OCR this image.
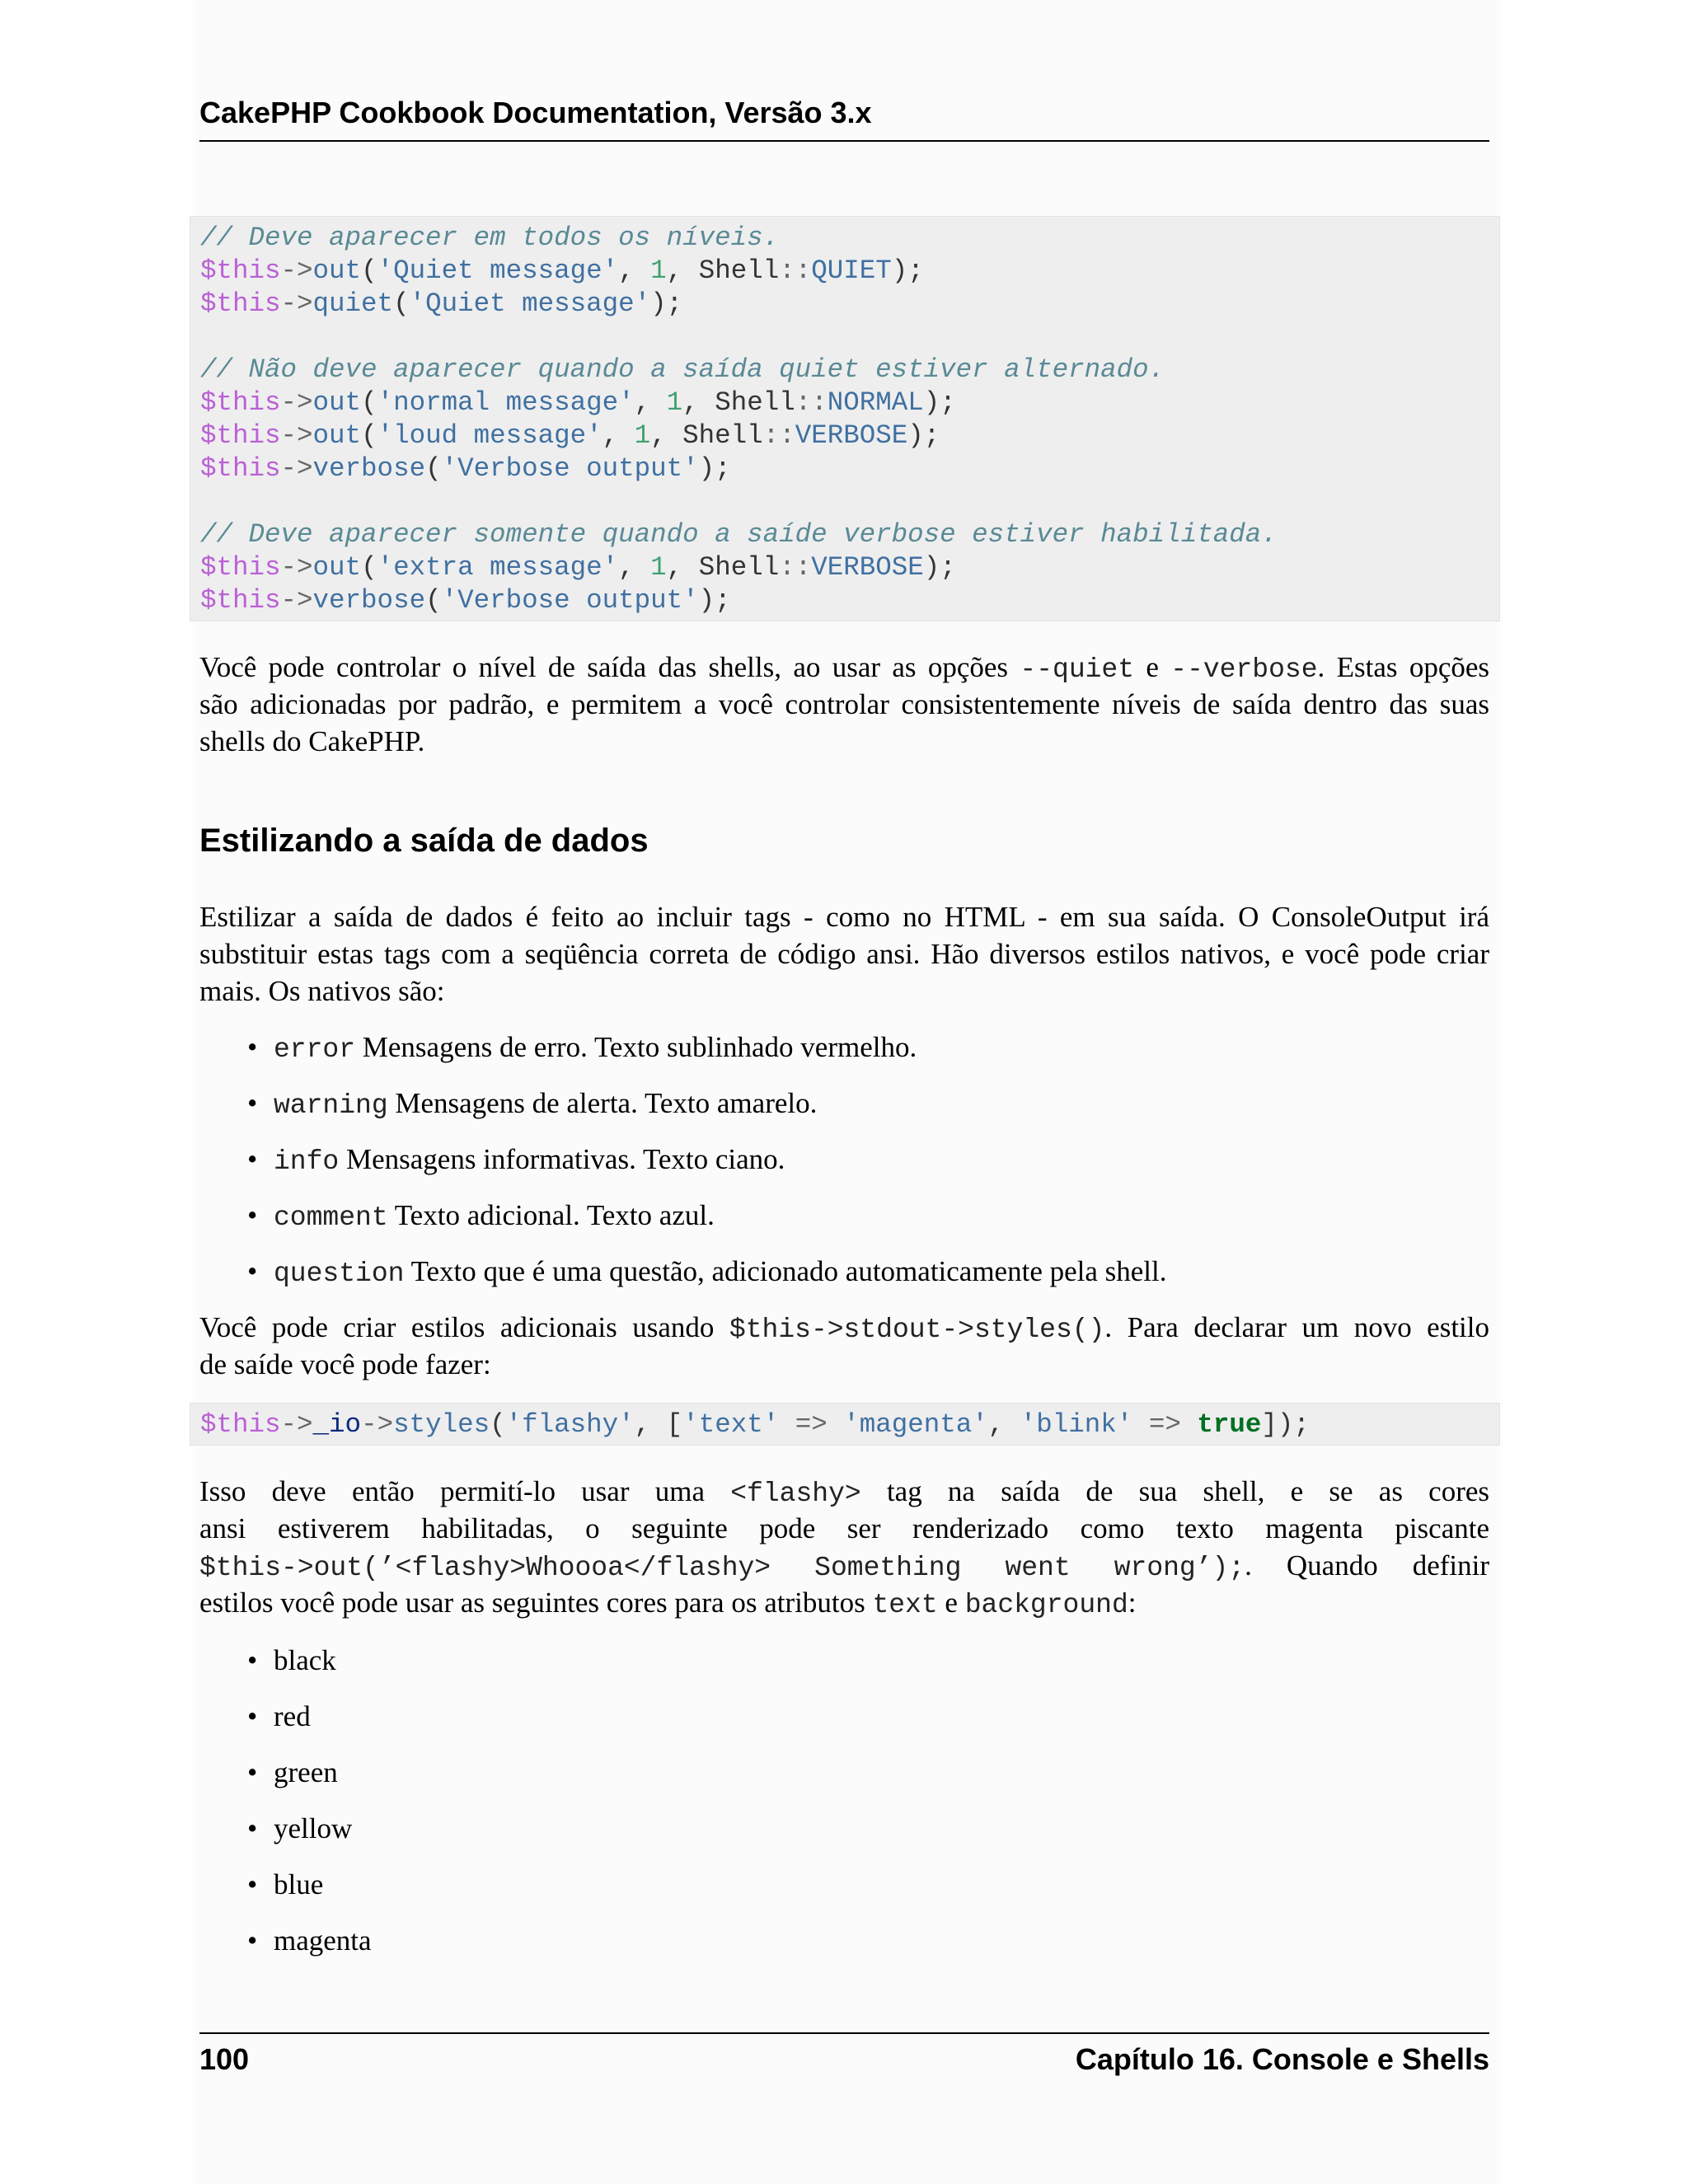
CakePHP Cookbook Documentation, Versão 3.x
// Deve aparecer em todos os níveis.
$this->out('Quiet message', 1, Shell::QUIET);
$this->quiet('Quiet message');
// Não deve aparecer quando a saída quiet estiver alternado.
$this->out('normal message', 1, Shell::NORMAL);
$this->out('loud message', 1, Shell::VERBOSE);
$this->verbose('Verbose output');
// Deve aparecer somente quando a saíde verbose estiver habilitada.
$this->out('extra message', 1, Shell::VERBOSE);
$this->verbose('Verbose output');
Você pode controlar o nível de saída das shells, ao usar as opções --quiet e --verbose. Estas opções
são adicionadas por padrão, e permitem a você controlar consistentemente níveis de saída dentro das suas
shells do CakePHP.
Estilizando a saída de dados
Estilizar a saída de dados é feito ao incluir tags - como no HTML - em sua saída. O ConsoleOutput irá
substituir estas tags com a seqüência correta de código ansi. Hão diversos estilos nativos, e você pode criar
mais. Os nativos são:
• error Mensagens de erro. Texto sublinhado vermelho.
• warning Mensagens de alerta. Texto amarelo.
• info Mensagens informativas. Texto ciano.
• comment Texto adicional. Texto azul.
• question Texto que é uma questão, adicionado automaticamente pela shell.
Você pode criar estilos adicionais usando $this->stdout->styles(). Para declarar um novo estilo
de saíde você pode fazer:
$this->_io->styles('flashy', ['text' => 'magenta', 'blink' => true]);
Isso deve então permití-lo usar uma <flashy> tag na saída de sua shell, e se as cores
ansi estiverem habilitadas, o seguinte pode ser renderizado como texto magenta piscante
$this->out(’<flashy>Whoooa</flashy> Something went wrong’);. Quando definir
estilos você pode usar as seguintes cores para os atributos text e background:
• black
• red
• green
• yellow
• blue
• magenta
100	Capítulo 16. Console e Shells
